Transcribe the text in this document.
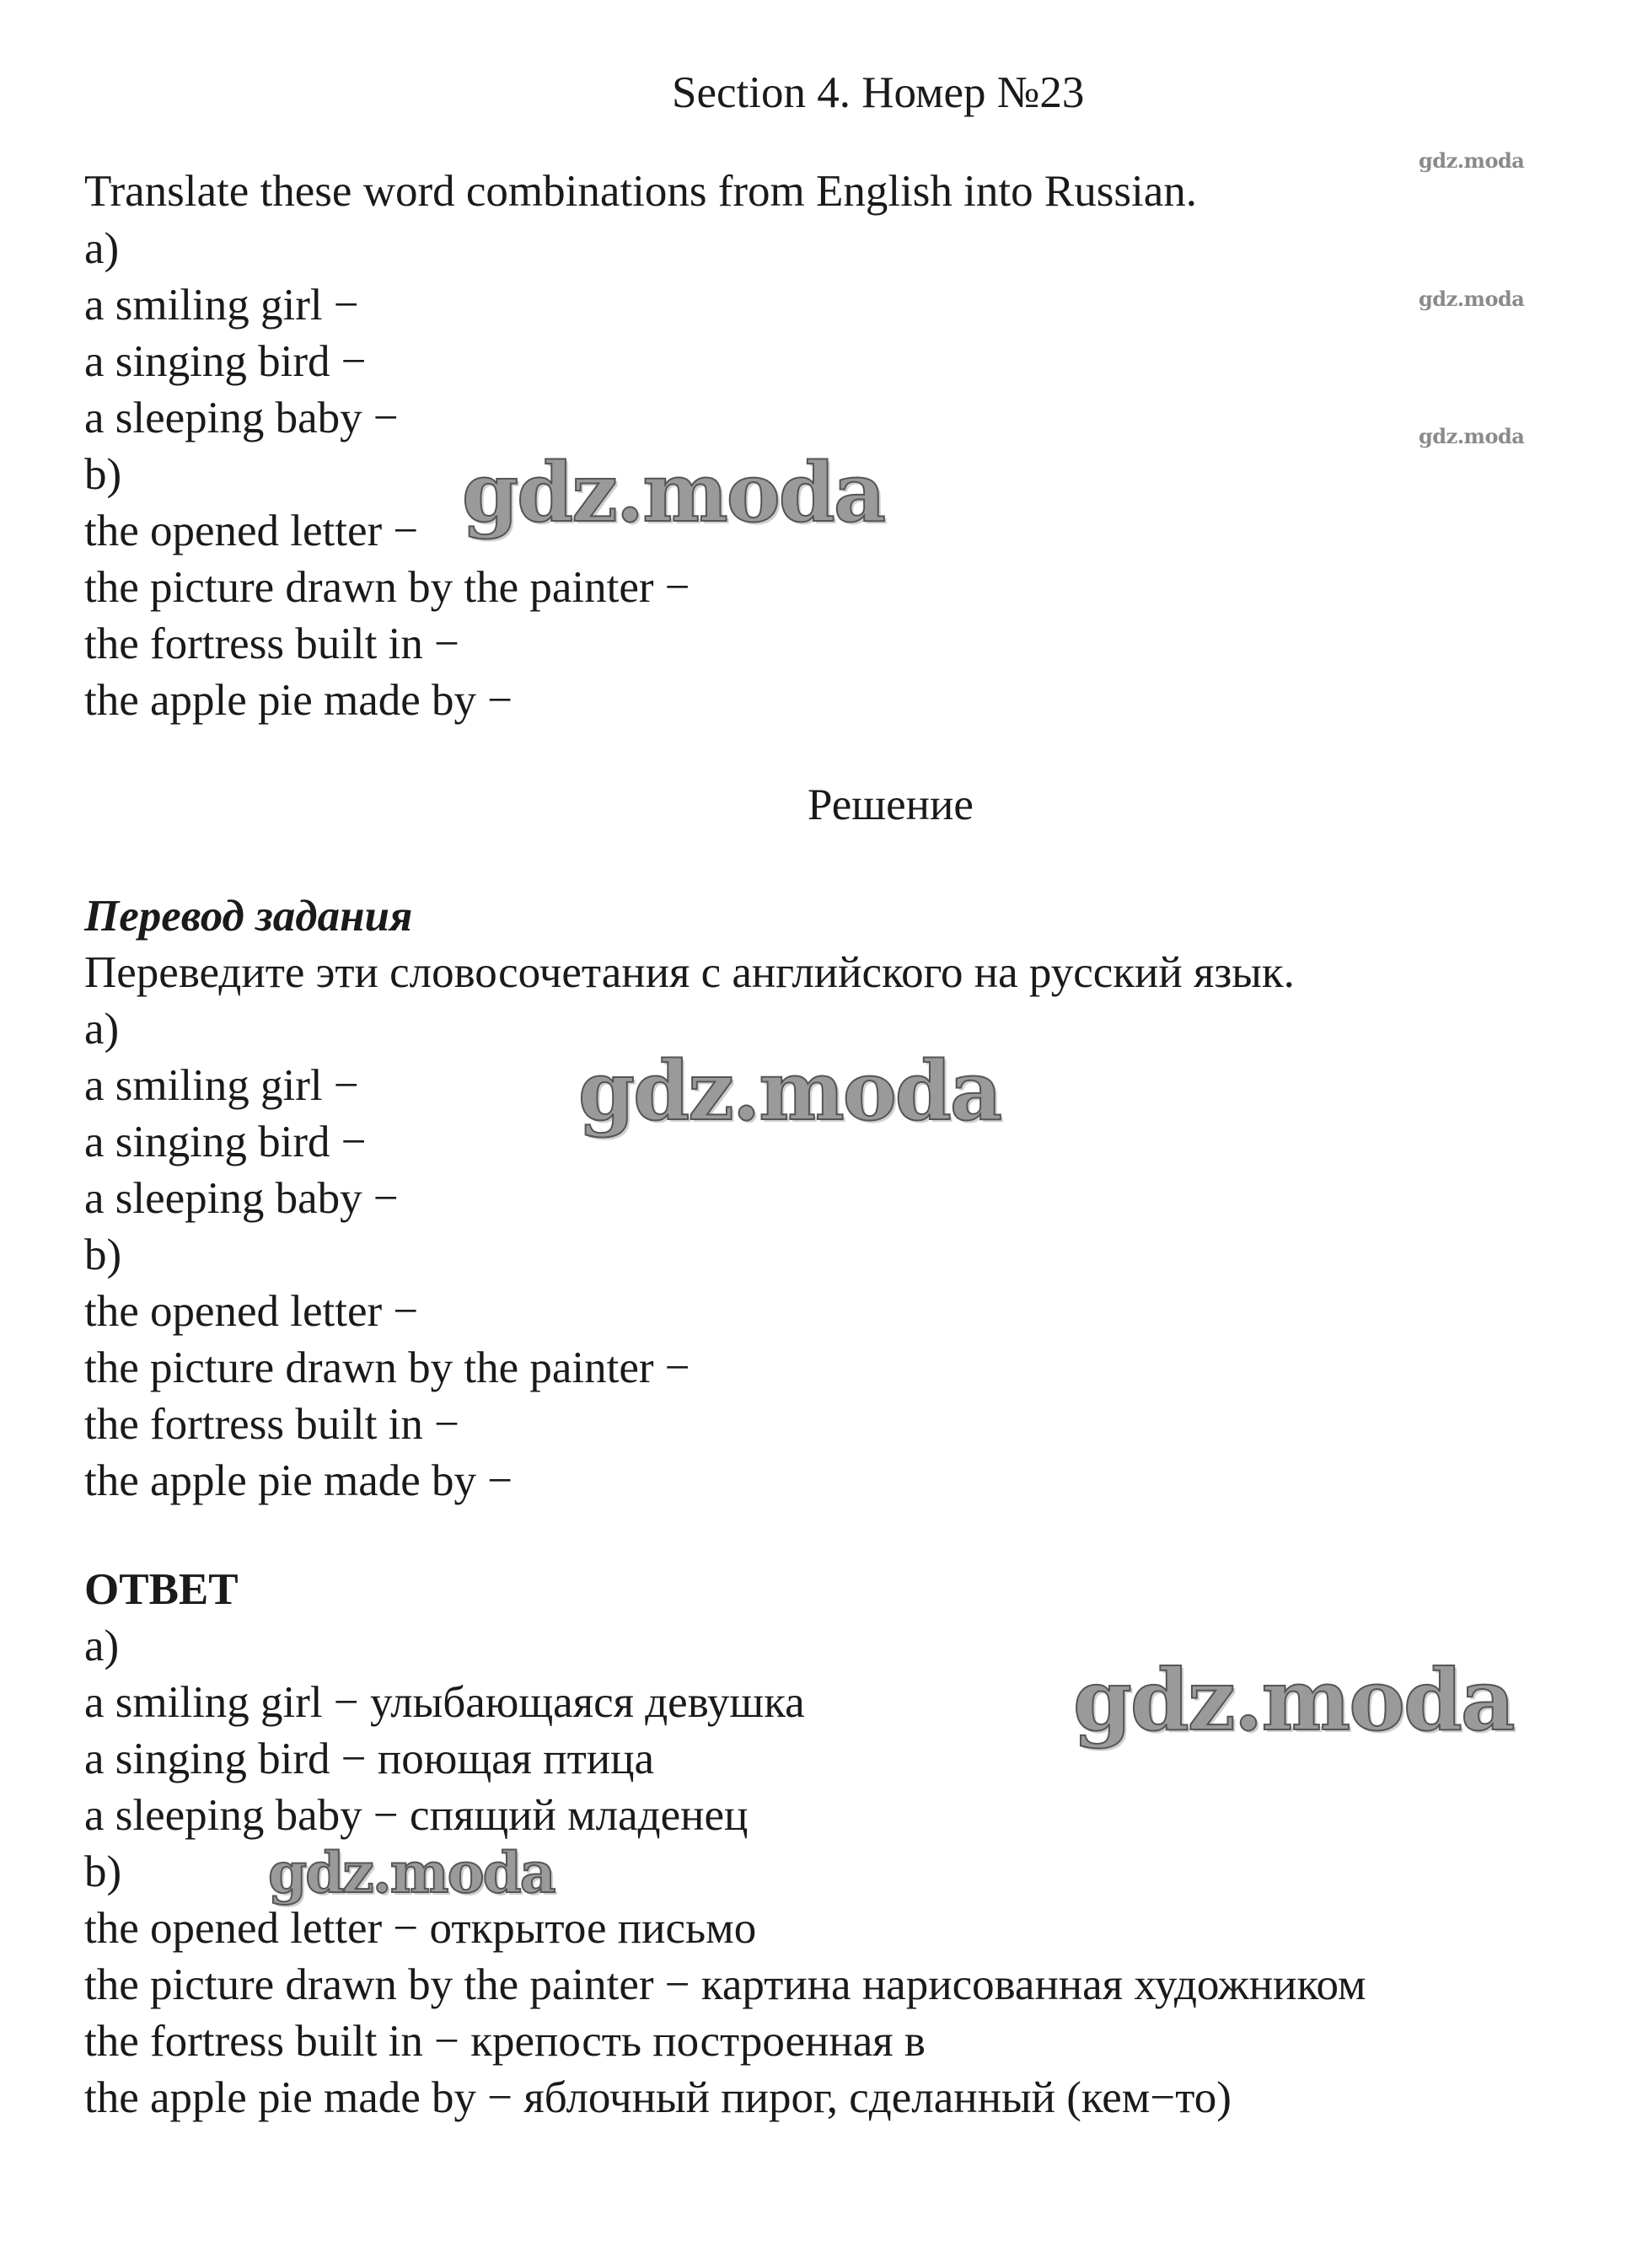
Section 4. Номер №23
Translate these word combinations from English into Russian.
a)
a smiling girl −
a singing bird −
a sleeping baby −
b)
the opened letter −
the picture drawn by the painter −
the fortress built in −
the apple pie made by −
Решение
Перевод задания
Переведите эти словосочетания с английского на русский язык.
a)
a smiling girl −
a singing bird −
a sleeping baby −
b)
the opened letter −
the picture drawn by the painter −
the fortress built in −
the apple pie made by −
ОТВЕТ
a)
a smiling girl − улыбающаяся девушка
a singing bird − поющая птица
a sleeping baby − спящий младенец
b)
the opened letter − открытое письмо
the picture drawn by the painter − картина нарисованная художником
the fortress built in − крепость построенная в
the apple pie made by − яблочный пирог, сделанный (кем−то)
gdz.moda
gdz.moda
gdz.moda
gdz.moda
gdz.moda
gdz.moda
gdz.moda
